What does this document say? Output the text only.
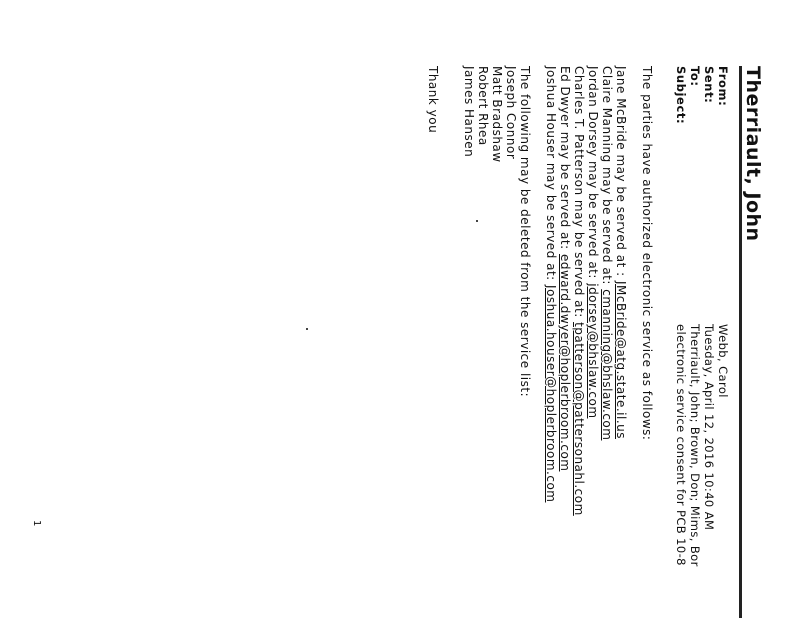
Therriault, John
From:
Webb, Carol
Sent:
Tuesday, April 12, 2016 10:40 AM
To:
Therriault, John; Brown, Don; Mims, Bor
Subject:
electronic service consent for PCB 10-8
The parties have authorized electronic service as follows:
Jane McBride may be served at : JMcBride@atg.state.il.us
Claire Manning may be served at: cmanning@bhslaw.com
Jordan Dorsey may be served at: jdorsey@bhslaw.com
Charles T. Patterson may be served at: tpatterson@pattersonahl.com
Ed Dwyer may be served at: edward.dwyer@hoplerbroom.com
Joshua Houser may be served at: Joshua.houser@hoplerbroom.com
The following may be deleted from the service list:
Joseph Connor
Matt Bradshaw
Robert Rhea
James Hansen
Thank you
1
